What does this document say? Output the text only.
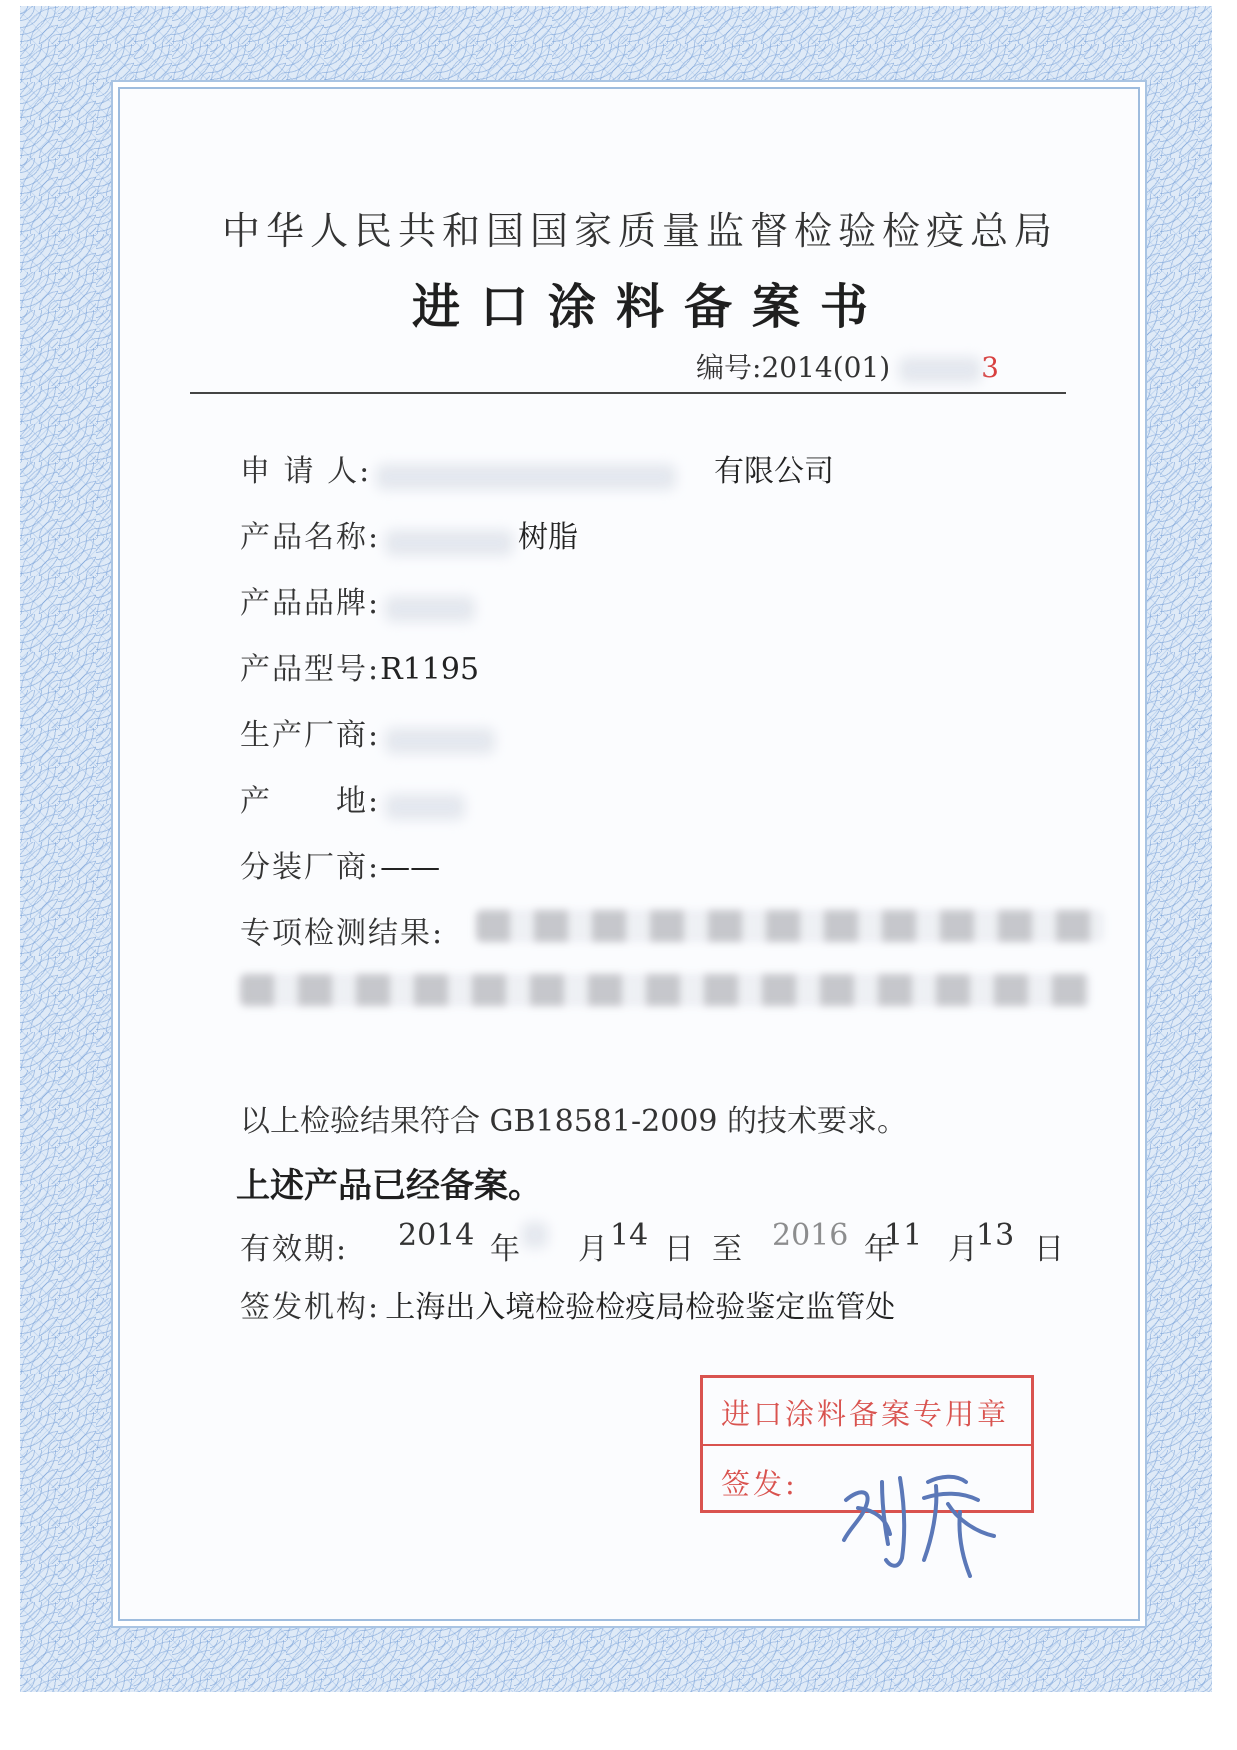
中华人民共和国国家质量监督检验检疫总局
进口涂料备案书
编号:2014(01)	3
申 请 人:	有限公司
产品名称:	树脂
产品品牌:
产品型号:R1195
生产厂商:
产　　地:
分装厂商:——
专项检测结果:
以上检验结果符合 GB18581-2009 的技术要求。
上述产品已经备案。
有效期: 2014 年 月 14 日 至 2016 年
11 月
13 日
签发机构: 上海出入境检验检疫局检验鉴定监管处
进口涂料备案专用章
签发:
